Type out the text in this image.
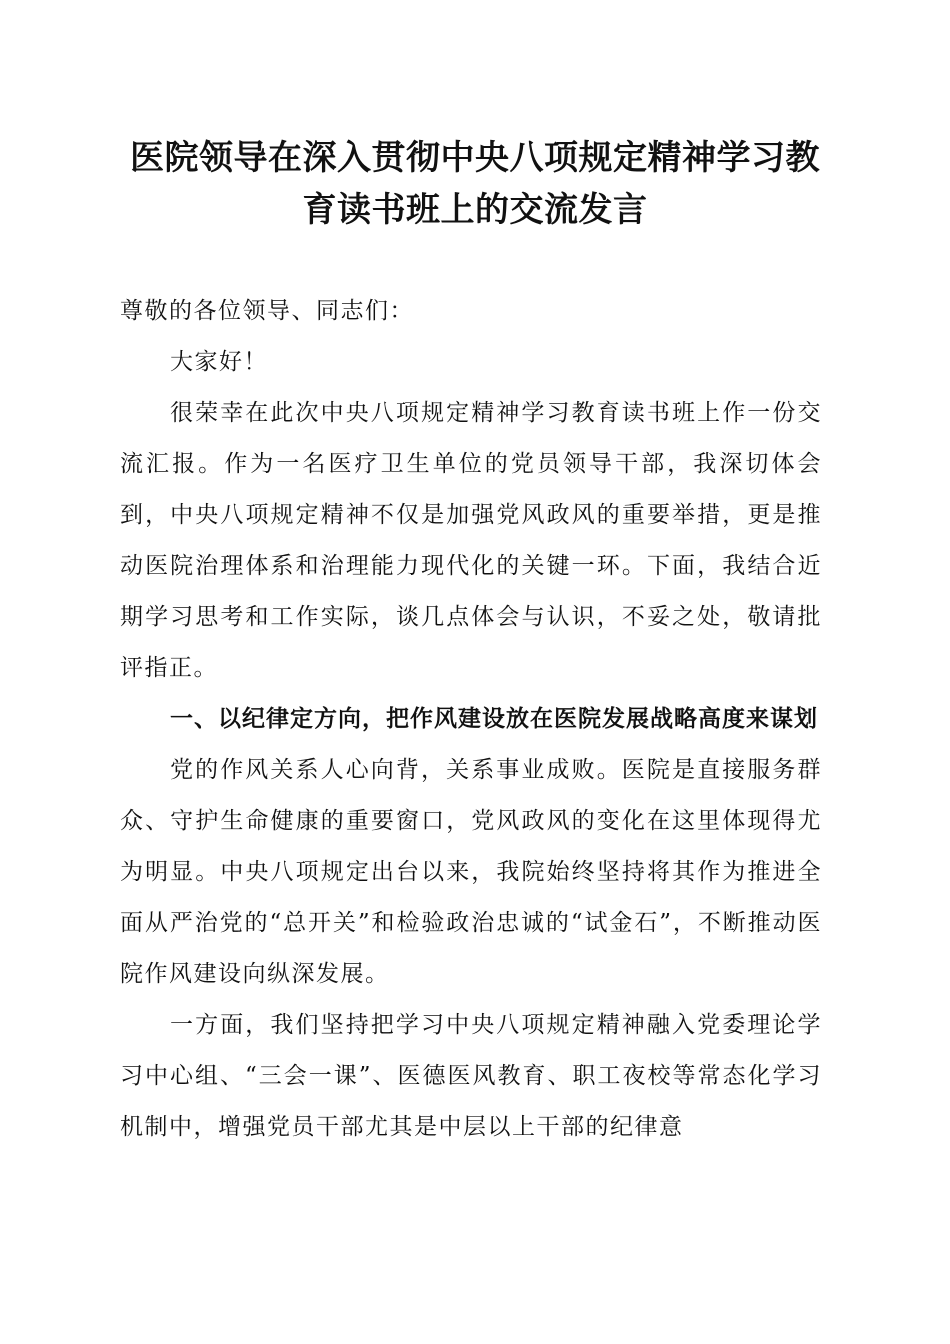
医院领导在深入贯彻中央八项规定精神学习教
育读书班上的交流发言

尊敬的各位领导、同志们：

大家好！

很荣幸在此次中央八项规定精神学习教育读书班上作一份交流汇报。作为一名医疗卫生单位的党员领导干部，我深切体会到，中央八项规定精神不仅是加强党风政风的重要举措，更是推动医院治理体系和治理能力现代化的关键一环。下面，我结合近期学习思考和工作实际，谈几点体会与认识，不妥之处，敬请批评指正。

一、以纪律定方向，把作风建设放在医院发展战略高度来谋划

党的作风关系人心向背，关系事业成败。医院是直接服务群众、守护生命健康的重要窗口，党风政风的变化在这里体现得尤为明显。中央八项规定出台以来，我院始终坚持将其作为推进全面从严治党的“总开关”和检验政治忠诚的“试金石”，不断推动医院作风建设向纵深发展。

一方面，我们坚持把学习中央八项规定精神融入党委理论学习中心组、“三会一课”、医德医风教育、职工夜校等常态化学习机制中，增强党员干部尤其是中层以上干部的纪律意
